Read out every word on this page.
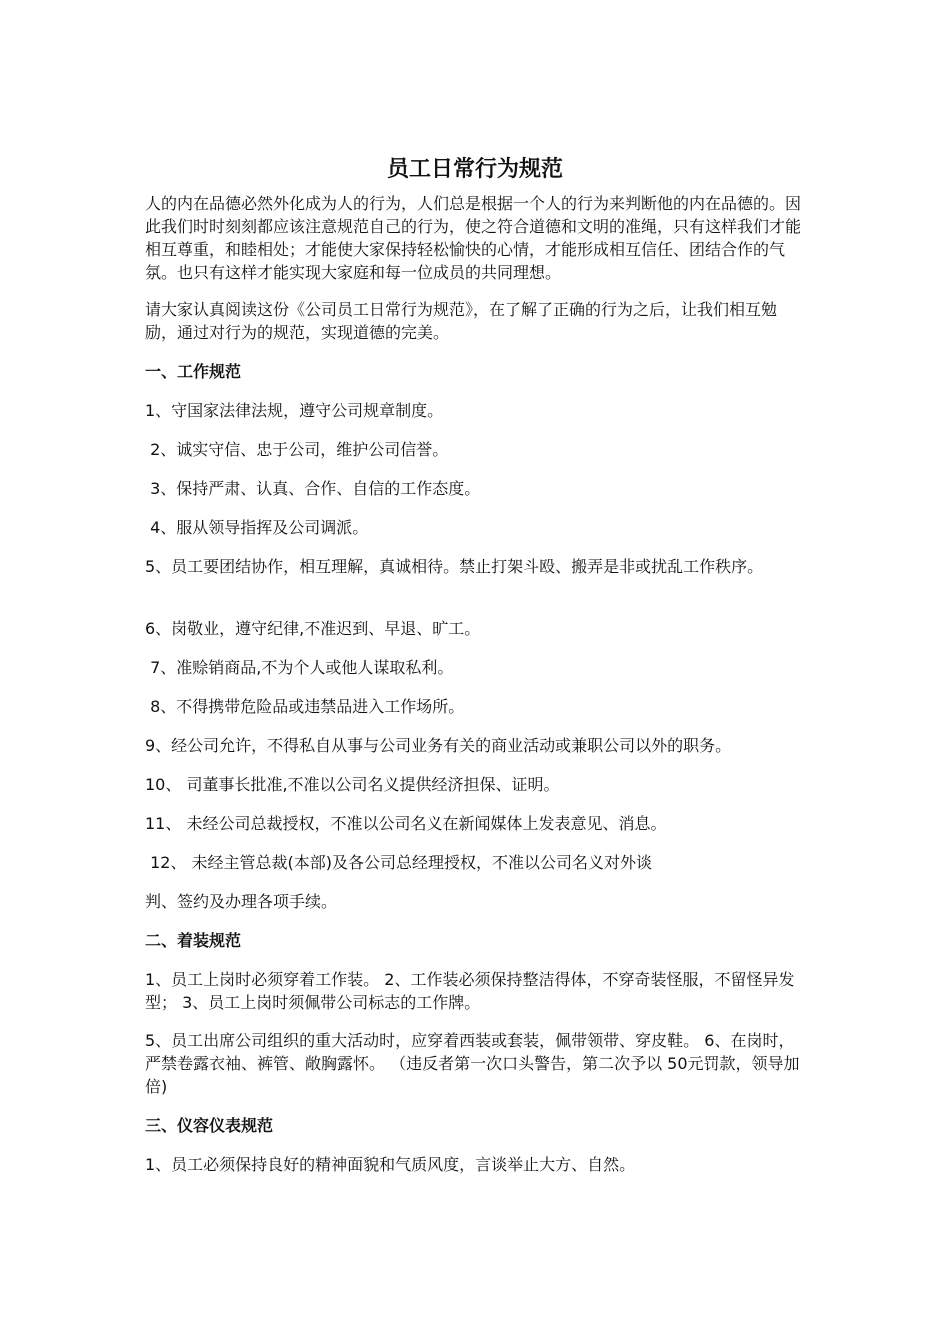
员工日常行为规范

人的内在品德必然外化成为人的行为，人们总是根据一个人的行为来判断他的内在品德的。因此我们时时刻刻都应该注意规范自己的行为，使之符合道德和文明的准绳，只有这样我们才能相互尊重，和睦相处；才能使大家保持轻松愉快的心情，才能形成相互信任、团结合作的气氛。也只有这样才能实现大家庭和每一位成员的共同理想。

请大家认真阅读这份《公司员工日常行为规范》，在了解了正确的行为之后，让我们相互勉励，通过对行为的规范，实现道德的完美。

一、工作规范

1、守国家法律法规，遵守公司规章制度。

2、诚实守信、忠于公司，维护公司信誉。

3、保持严肃、认真、合作、自信的工作态度。

4、服从领导指挥及公司调派。

5、员工要团结协作，相互理解，真诚相待。禁止打架斗殴、搬弄是非或扰乱工作秩序。

6、岗敬业，遵守纪律,不准迟到、早退、旷工。

7、准赊销商品,不为个人或他人谋取私利。

8、不得携带危险品或违禁品进入工作场所。

9、经公司允许，不得私自从事与公司业务有关的商业活动或兼职公司以外的职务。

10、 司董事长批准,不准以公司名义提供经济担保、证明。

11、 未经公司总裁授权，不准以公司名义在新闻媒体上发表意见、消息。

12、 未经主管总裁(本部)及各公司总经理授权，不准以公司名义对外谈

判、签约及办理各项手续。

二、着装规范

1、员工上岗时必须穿着工作装。 2、工作装必须保持整洁得体，不穿奇装怪服，不留怪异发型； 3、员工上岗时须佩带公司标志的工作牌。

5、员工出席公司组织的重大活动时，应穿着西装或套装，佩带领带、穿皮鞋。 6、在岗时，严禁卷露衣袖、裤管、敞胸露怀。 （违反者第一次口头警告，第二次予以 50元罚款，领导加倍)

三、仪容仪表规范

1、员工必须保持良好的精神面貌和气质风度，言谈举止大方、自然。
